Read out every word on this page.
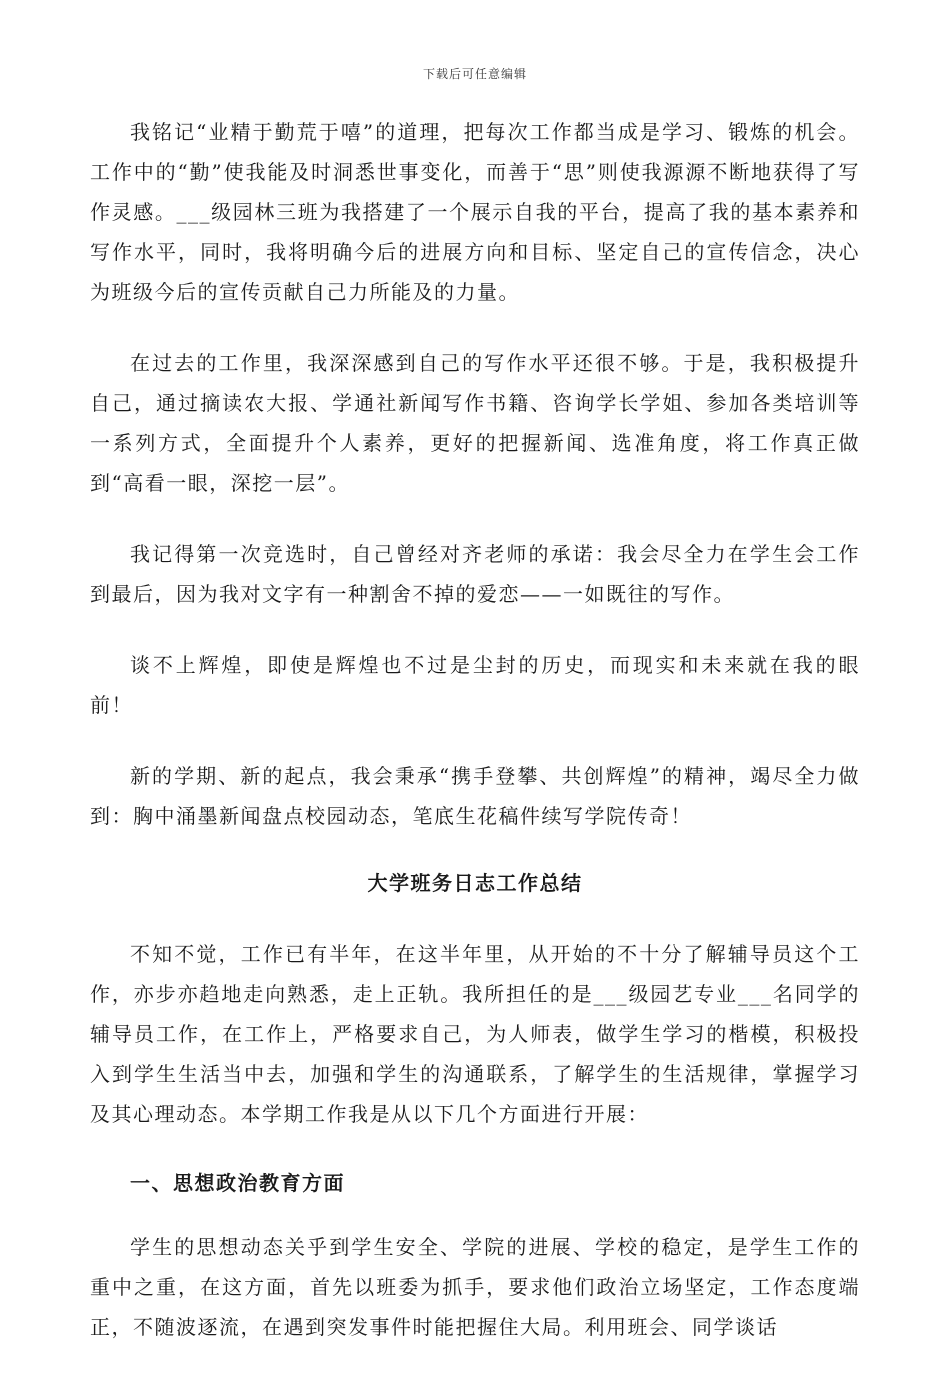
下载后可任意编辑

我铭记“业精于勤荒于嘻”的道理，把每次工作都当成是学习、锻炼的机会。工作中的“勤”使我能及时洞悉世事变化，而善于“思”则使我源源不断地获得了写作灵感。___级园林三班为我搭建了一个展示自我的平台，提高了我的基本素养和写作水平，同时，我将明确今后的进展方向和目标、坚定自己的宣传信念，决心为班级今后的宣传贡献自己力所能及的力量。

在过去的工作里，我深深感到自己的写作水平还很不够。于是，我积极提升自己，通过摘读农大报、学通社新闻写作书籍、咨询学长学姐、参加各类培训等一系列方式，全面提升个人素养，更好的把握新闻、选准角度，将工作真正做到“高看一眼，深挖一层”。

我记得第一次竞选时，自己曾经对齐老师的承诺：我会尽全力在学生会工作到最后，因为我对文字有一种割舍不掉的爱恋——一如既往的写作。

谈不上辉煌，即使是辉煌也不过是尘封的历史，而现实和未来就在我的眼前！

新的学期、新的起点，我会秉承“携手登攀、共创辉煌”的精神，竭尽全力做到：胸中涌墨新闻盘点校园动态，笔底生花稿件续写学院传奇！

大学班务日志工作总结

不知不觉，工作已有半年，在这半年里，从开始的不十分了解辅导员这个工作，亦步亦趋地走向熟悉，走上正轨。我所担任的是___级园艺专业___名同学的辅导员工作，在工作上，严格要求自己，为人师表，做学生学习的楷模，积极投入到学生生活当中去，加强和学生的沟通联系，了解学生的生活规律，掌握学习及其心理动态。本学期工作我是从以下几个方面进行开展：

一、思想政治教育方面

学生的思想动态关乎到学生安全、学院的进展、学校的稳定，是学生工作的重中之重，在这方面，首先以班委为抓手，要求他们政治立场坚定，工作态度端正，不随波逐流，在遇到突发事件时能把握住大局。利用班会、同学谈话
